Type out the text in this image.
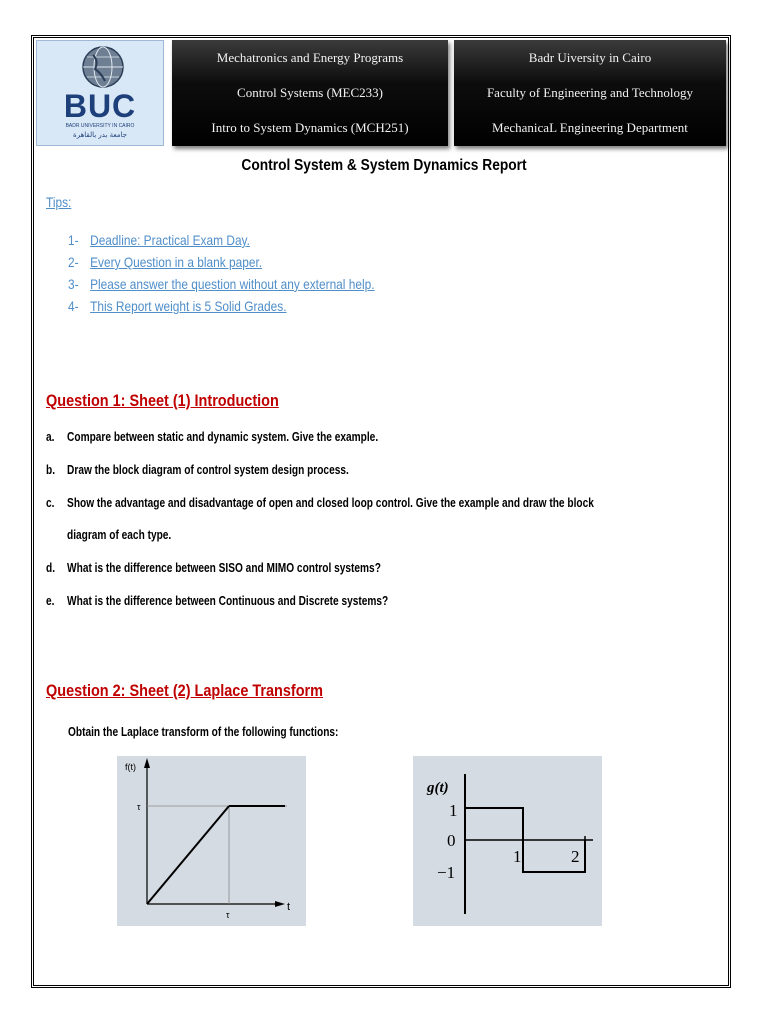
BUC
BADR UNIVERSITY IN CAIRO
جامعة بدر بالقاهرة
Mechatronics and Energy Programs
Control Systems (MEC233)
Intro to System Dynamics (MCH251)
Badr Uiversity in Cairo
Faculty of Engineering and Technology
MechanicaL Engineering Department
Control System & System Dynamics Report
Tips:
1- Deadline: Practical Exam Day.
2- Every Question in a blank paper.
3- Please answer the question without any external help.
4- This Report weight is 5 Solid Grades.
Question 1: Sheet (1) Introduction
a. Compare between static and dynamic system. Give the example.
b. Draw the block diagram of control system design process.
c. Show the advantage and disadvantage of open and closed loop control. Give the example and draw the block
diagram of each type.
d. What is the difference between SISO and MIMO control systems?
e. What is the difference between Continuous and Discrete systems?
Question 2: Sheet (2) Laplace Transform
Obtain the Laplace transform of the following functions:
f(t)
τ
τ
t
g(t)
1
0
−1
1	2
